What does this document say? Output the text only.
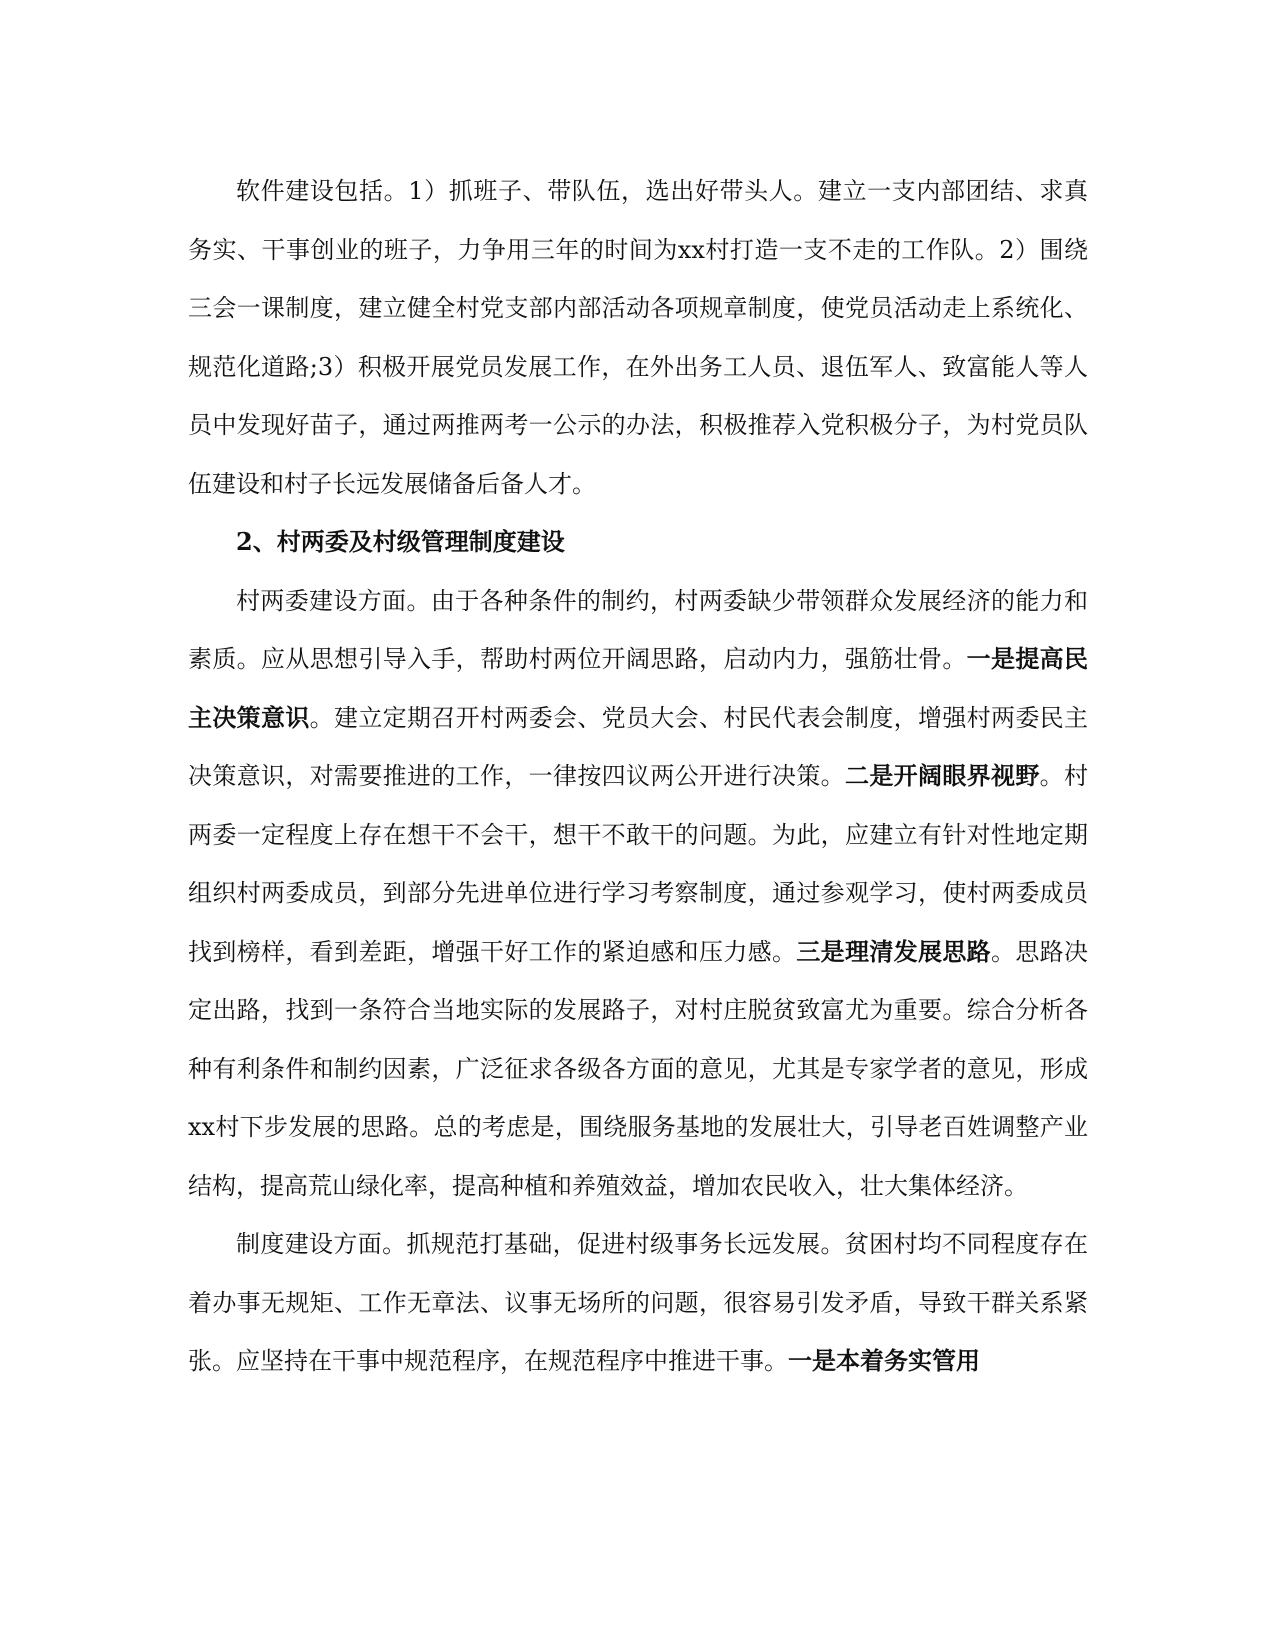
软件建设包括。1）抓班子、带队伍，选出好带头人。建立一支内部团结、求真务实、干事创业的班子，力争用三年的时间为xx村打造一支不走的工作队。2）围绕三会一课制度，建立健全村党支部内部活动各项规章制度，使党员活动走上系统化、规范化道路;3）积极开展党员发展工作，在外出务工人员、退伍军人、致富能人等人员中发现好苗子，通过两推两考一公示的办法，积极推荐入党积极分子，为村党员队伍建设和村子长远发展储备后备人才。

2、村两委及村级管理制度建设

村两委建设方面。由于各种条件的制约，村两委缺少带领群众发展经济的能力和素质。应从思想引导入手，帮助村两位开阔思路，启动内力，强筋壮骨。一是提高民主决策意识。建立定期召开村两委会、党员大会、村民代表会制度，增强村两委民主决策意识，对需要推进的工作，一律按四议两公开进行决策。二是开阔眼界视野。村两委一定程度上存在想干不会干，想干不敢干的问题。为此，应建立有针对性地定期组织村两委成员，到部分先进单位进行学习考察制度，通过参观学习，使村两委成员找到榜样，看到差距，增强干好工作的紧迫感和压力感。三是理清发展思路。思路决定出路，找到一条符合当地实际的发展路子，对村庄脱贫致富尤为重要。综合分析各种有利条件和制约因素，广泛征求各级各方面的意见，尤其是专家学者的意见，形成xx村下步发展的思路。总的考虑是，围绕服务基地的发展壮大，引导老百姓调整产业结构，提高荒山绿化率，提高种植和养殖效益，增加农民收入，壮大集体经济。

制度建设方面。抓规范打基础，促进村级事务长远发展。贫困村均不同程度存在着办事无规矩、工作无章法、议事无场所的问题，很容易引发矛盾，导致干群关系紧张。应坚持在干事中规范程序，在规范程序中推进干事。一是本着务实管用
